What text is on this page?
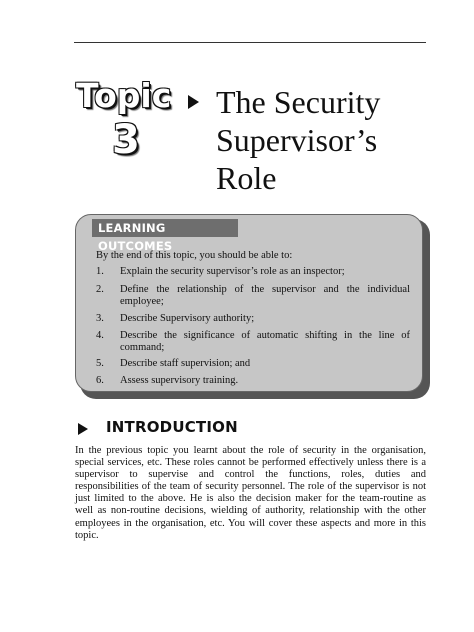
Topic
3
The Security
Supervisor’s
Role
LEARNING OUTCOMES
By the end of this topic, you should be able to:
1.	Explain the security supervisor’s role as an inspector;
2.	Define the relationship of the supervisor and the individual employee;
3.	Describe Supervisory authority;
4.	Describe the significance of automatic shifting in the line of command;
5.	Describe staff supervision; and
6.	Assess supervisory training.
INTRODUCTION
In the previous topic you learnt about the role of security in the organisation,
special services, etc. These roles cannot be performed effectively unless there is a
supervisor to supervise and control the functions, roles, duties and
responsibilities of the team of security personnel. The role of the supervisor is not
just limited to the above. He is also the decision maker for the team-routine as
well as non-routine decisions, wielding of authority, relationship with the other
employees in the organisation, etc. You will cover these aspects and more in this
topic.
